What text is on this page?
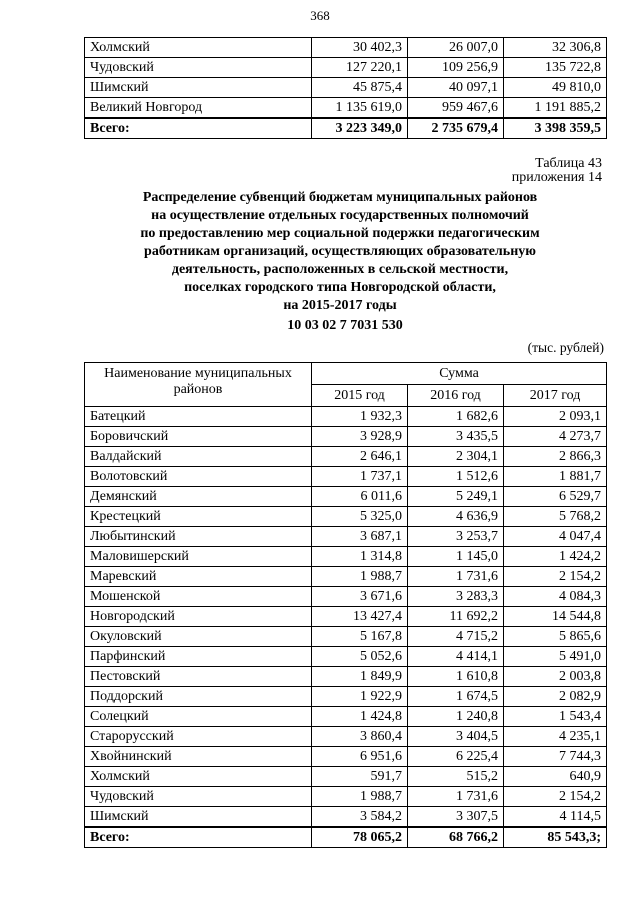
368
Холмский	30 402,3	26 007,0	32 306,8
Чудовский	127 220,1	109 256,9	135 722,8
Шимский	45 875,4	40 097,1	49 810,0
Великий Новгород	1 135 619,0	959 467,6	1 191 885,2
Всего:	3 223 349,0	2 735 679,4	3 398 359,5
Таблица 43
приложения 14
Распределение субвенций бюджетам муниципальных районов
на осуществление отдельных государственных полномочий
по предоставлению мер социальной подержки педагогическим
работникам организаций, осуществляющих образовательную
деятельность, расположенных в сельской местности,
поселках городского типа Новгородской области,
на 2015-2017 годы
10 03 02 7 7031 530
(тыс. рублей)
Наименование муниципальных районов	Сумма		
	2015 год	2016 год	2017 год
Батецкий	1 932,3	1 682,6	2 093,1
Боровичский	3 928,9	3 435,5	4 273,7
Валдайский	2 646,1	2 304,1	2 866,3
Волотовский	1 737,1	1 512,6	1 881,7
Демянский	6 011,6	5 249,1	6 529,7
Крестецкий	5 325,0	4 636,9	5 768,2
Любытинский	3 687,1	3 253,7	4 047,4
Маловишерский	1 314,8	1 145,0	1 424,2
Маревский	1 988,7	1 731,6	2 154,2
Мошенской	3 671,6	3 283,3	4 084,3
Новгородский	13 427,4	11 692,2	14 544,8
Окуловский	5 167,8	4 715,2	5 865,6
Парфинский	5 052,6	4 414,1	5 491,0
Пестовский	1 849,9	1 610,8	2 003,8
Поддорский	1 922,9	1 674,5	2 082,9
Солецкий	1 424,8	1 240,8	1 543,4
Старорусский	3 860,4	3 404,5	4 235,1
Хвойнинский	6 951,6	6 225,4	7 744,3
Холмский	591,7	515,2	640,9
Чудовский	1 988,7	1 731,6	2 154,2
Шимский	3 584,2	3 307,5	4 114,5
Всего:	78 065,2	68 766,2	85 543,3;
